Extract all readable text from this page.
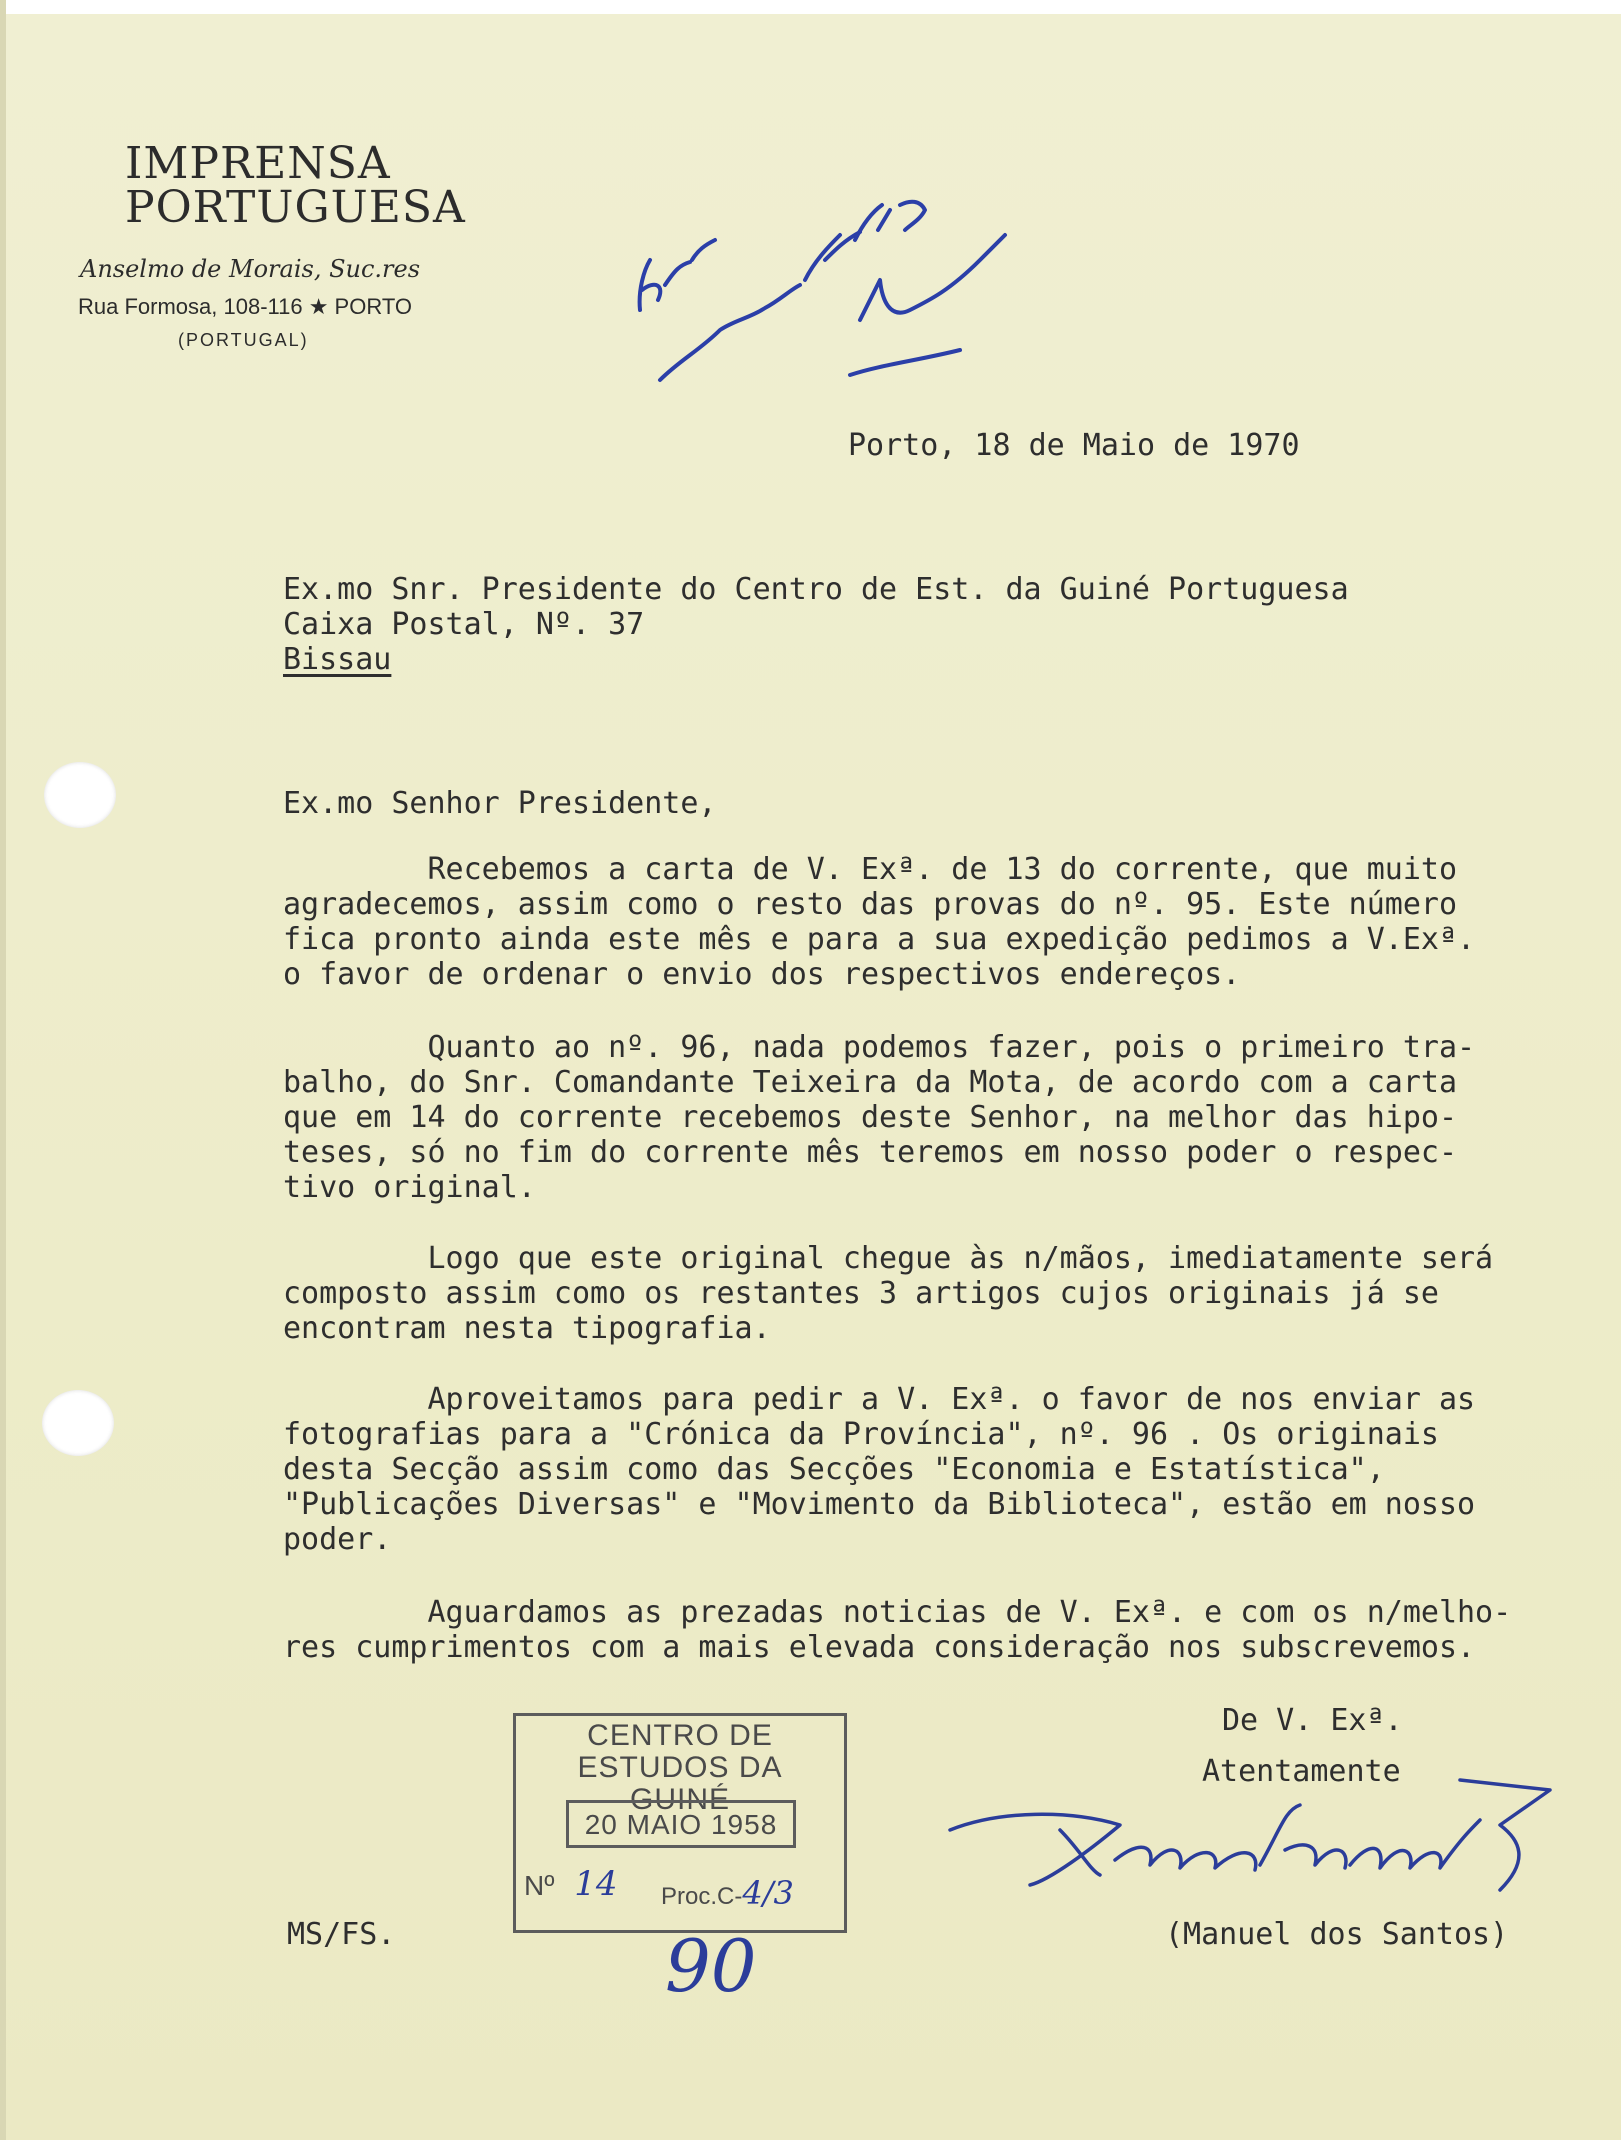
IMPRENSA
PORTUGUESA
Anselmo de Morais, Suc.res
Rua Formosa, 108-116 ★ PORTO
(PORTUGAL)
Porto, 18 de Maio de 1970
Ex.mo Snr. Presidente do Centro de Est. da Guiné Portuguesa
Caixa Postal, Nº. 37
Bissau
Ex.mo Senhor Presidente,
Recebemos a carta de V. Exª. de 13 do corrente, que muito
agradecemos, assim como o resto das provas do nº. 95. Este número
fica pronto ainda este mês e para a sua expedição pedimos a V.Exª.
o favor de ordenar o envio dos respectivos endereços.
Quanto ao nº. 96, nada podemos fazer, pois o primeiro tra-
balho, do Snr. Comandante Teixeira da Mota, de acordo com a carta
que em 14 do corrente recebemos deste Senhor, na melhor das hipo-
teses, só no fim do corrente mês teremos em nosso poder o respec-
tivo original.
Logo que este original chegue às n/mãos, imediatamente será
composto assim como os restantes 3 artigos cujos originais já se
encontram nesta tipografia.
Aproveitamos para pedir a V. Exª. o favor de nos enviar as
fotografias para a "Crónica da Província", nº. 96 . Os originais
desta Secção assim como das Secções "Economia e Estatística",
"Publicações Diversas" e "Movimento da Biblioteca", estão em nosso
poder.
Aguardamos as prezadas noticias de V. Exª. e com os n/melho-
res cumprimentos com a mais elevada consideração nos subscrevemos.
De V. Exª.
Atentamente
(Manuel dos Santos)
MS/FS.
CENTRO DE ESTUDOS DA
GUINÉ
20 MAIO 1958
Nº 14 Proc.C-4/3
90
